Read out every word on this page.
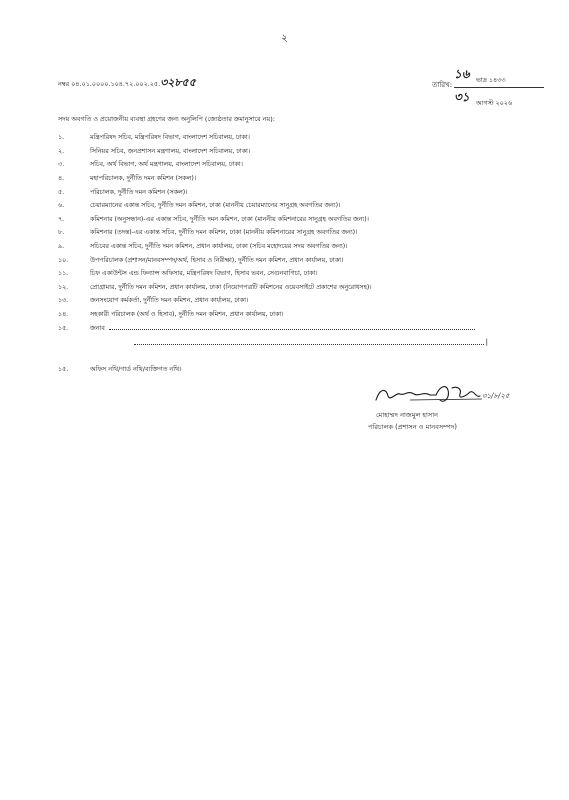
২
নম্বর ০৪.০১.০০০০.১০৪.৭২.০০২.২৫.৩২৮৫৫	তারিখ:
১৬	ভাদ্র ১৪৩৩
৩১	আগস্ট ২০২৬
সদয় অবগতি ও প্রয়োজনীয় ব্যবস্থা গ্রহণের জন্য অনুলিপি (জ্যেষ্ঠতার ক্রমানুসারে নয়):
১.	মন্ত্রিপরিষদ সচিব, মন্ত্রিপরিষদ বিভাগ, বাংলাদেশ সচিবালয়, ঢাকা।
২.	সিনিয়র সচিব, জনপ্রশাসন মন্ত্রণালয়, বাংলাদেশ সচিবালয়, ঢাকা।
৩.	সচিব, অর্থ বিভাগ, অর্থ মন্ত্রণালয়, বাংলাদেশ সচিবালয়, ঢাকা।
৪.	মহাপরিচালক, দুর্নীতি দমন কমিশন (সকল)।
৫.	পরিচালক, দুর্নীতি দমন কমিশন (সকল)।
৬.	চেয়ারম্যানের একান্ত সচিব, দুর্নীতি দমন কমিশন, ঢাকা (মাননীয় চেয়ারম্যানের সানুগ্রহ অবগতির জন্য)।
৭.	কমিশনার (অনুসন্ধান)-এর একান্ত সচিব, দুর্নীতি দমন কমিশন, ঢাকা (মাননীয় কমিশনারের সানুগ্রহ অবগতির জন্য)।
৮.	কমিশনার (তদন্ত)-এর একান্ত সচিব, দুর্নীতি দমন কমিশন, ঢাকা (মাননীয় কমিশনারের সানুগ্রহ অবগতির জন্য)।
৯.	সচিবের একান্ত সচিব, দুর্নীতি দমন কমিশন, প্রধান কার্যালয়, ঢাকা (সচিব মহোদয়ের সদয় অবগতির জন্য)।
১০.	উপপরিচালক (প্রশাসন/মানবসম্পদ/অর্থ, হিসাব ও নিরীক্ষা), দুর্নীতি দমন কমিশন, প্রধান কার্যালয়, ঢাকা।
১১.	চিফ একাউন্টস এন্ড ফিন্যান্স অফিসার, মন্ত্রিপরিষদ বিভাগ, হিসাব ভবন, সেগুনবাগিচা, ঢাকা।
১২.	প্রোগ্রামার, দুর্নীতি দমন কমিশন, প্রধান কার্যালয়, ঢাকা (নিয়োগপত্রটি কমিশনের ওয়েবসাইটে প্রকাশের অনুরোধসহ)।
১৩.	জনসংযোগ কর্মকর্তা, দুর্নীতি দমন কমিশন, প্রধান কার্যালয়, ঢাকা।
১৪.	সহকারী পরিচালক (অর্থ ও হিসাব), দুর্নীতি দমন কমিশন, প্রধান কার্যালয়, ঢাকা।
১৫.	জনাব
|
১৫.	অফিস নথি/গার্ড নথি/ব্যক্তিগত নথি।
৩১/৮/২৫
মোহাম্মদ নাজমুল হাসান
পরিচালক (প্রশাসন ও মানবসম্পদ)
